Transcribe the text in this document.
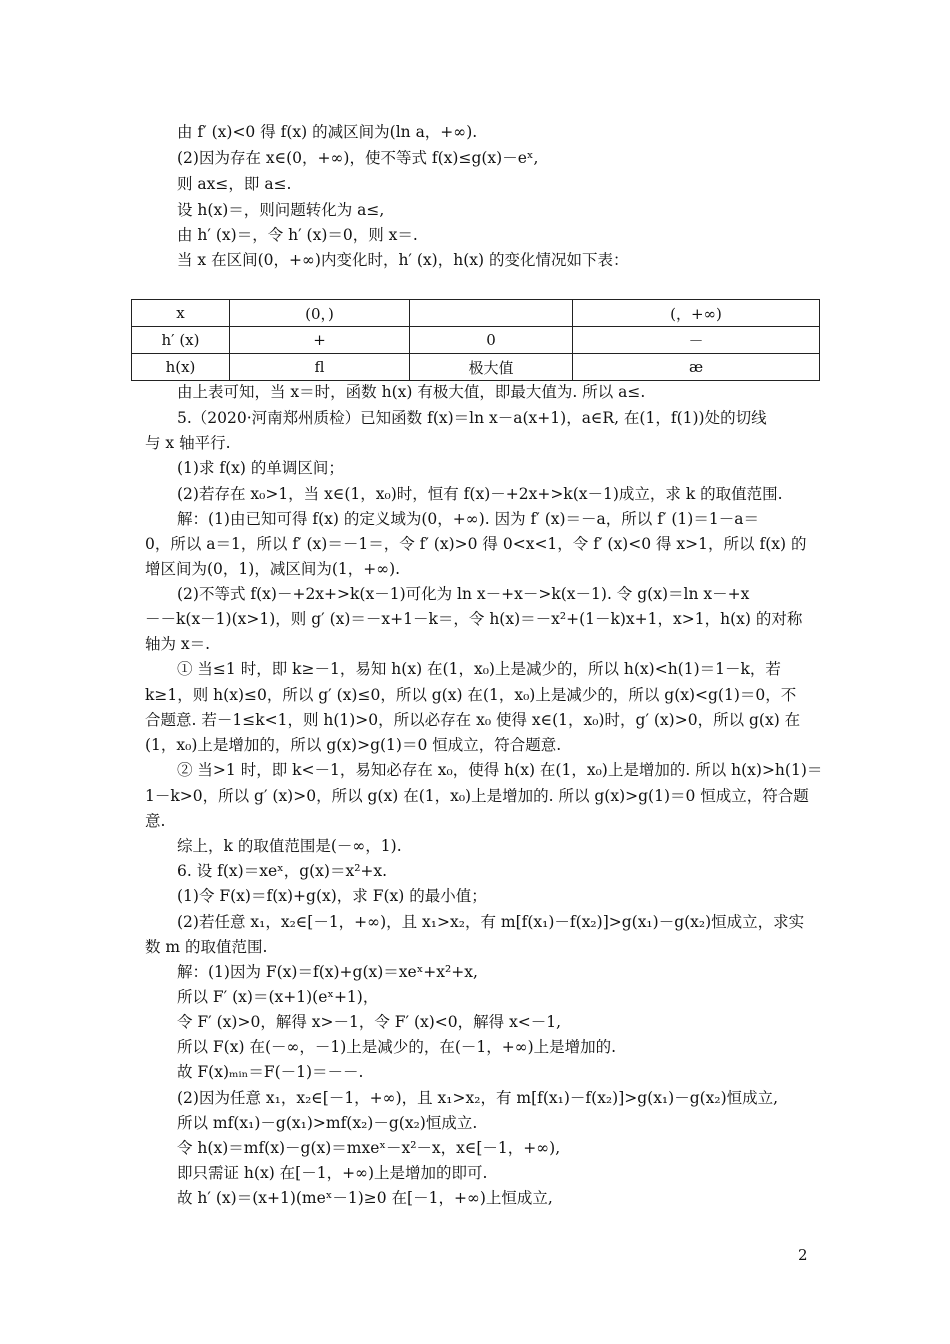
由 f′ (x)<0 得 f(x) 的减区间为(ln a，+∞).
(2)因为存在 x∈(0，+∞)，使不等式 f(x)≤g(x)－eˣ,
则 ax≤，即 a≤.
设 h(x)＝，则问题转化为 a≤,
由 h′ (x)＝，令 h′ (x)＝0，则 x＝.
当 x 在区间(0，+∞)内变化时，h′ (x)，h(x) 的变化情况如下表：
x	(0，)		(，+∞)
h′ (x)	+	0	－
h(x)	ﬂ	极大值	æ
由上表可知，当 x＝时，函数 h(x) 有极大值，即最大值为. 所以 a≤.
5.（2020·河南郑州质检）已知函数 f(x)＝ln x－a(x+1)，a∈R, 在(1，f(1))处的切线
与 x 轴平行.
(1)求 f(x) 的单调区间；
(2)若存在 x₀>1，当 x∈(1，x₀)时，恒有 f(x)－+2x+>k(x－1)成立，求 k 的取值范围.
解：(1)由已知可得 f(x) 的定义域为(0，+∞). 因为 f′ (x)＝－a，所以 f′ (1)＝1－a＝
0，所以 a＝1，所以 f′ (x)＝－1＝，令 f′ (x)>0 得 0<x<1，令 f′ (x)<0 得 x>1，所以 f(x) 的
增区间为(0，1)，减区间为(1，+∞).
(2)不等式 f(x)－+2x+>k(x－1)可化为 ln x－+x－>k(x－1). 令 g(x)＝ln x－+x
－－k(x－1)(x>1)，则 g′ (x)＝－x+1－k＝，令 h(x)＝－x²+(1－k)x+1，x>1，h(x) 的对称
轴为 x＝.
① 当≤1 时，即 k≥－1，易知 h(x) 在(1，x₀)上是减少的，所以 h(x)<h(1)＝1－k，若
k≥1，则 h(x)≤0，所以 g′ (x)≤0，所以 g(x) 在(1，x₀)上是减少的，所以 g(x)<g(1)＝0，不
合题意. 若－1≤k<1，则 h(1)>0，所以必存在 x₀ 使得 x∈(1，x₀)时，g′ (x)>0，所以 g(x) 在
(1，x₀)上是增加的，所以 g(x)>g(1)＝0 恒成立，符合题意.
② 当>1 时，即 k<－1，易知必存在 x₀，使得 h(x) 在(1，x₀)上是增加的. 所以 h(x)>h(1)＝
1－k>0，所以 g′ (x)>0，所以 g(x) 在(1，x₀)上是增加的. 所以 g(x)>g(1)＝0 恒成立，符合题
意.
综上，k 的取值范围是(－∞，1).
6. 设 f(x)＝xeˣ，g(x)＝x²+x.
(1)令 F(x)＝f(x)+g(x)，求 F(x) 的最小值；
(2)若任意 x₁，x₂∈[－1，+∞)，且 x₁>x₂，有 m[f(x₁)－f(x₂)]>g(x₁)－g(x₂)恒成立，求实
数 m 的取值范围.
解：(1)因为 F(x)＝f(x)+g(x)＝xeˣ+x²+x,
所以 F′ (x)＝(x+1)(eˣ+1)，
令 F′ (x)>0，解得 x>－1，令 F′ (x)<0，解得 x<－1,
所以 F(x) 在(－∞，－1)上是减少的，在(－1，+∞)上是增加的.
故 F(x)ₘᵢₙ＝F(－1)＝－－.
(2)因为任意 x₁，x₂∈[－1，+∞)，且 x₁>x₂，有 m[f(x₁)－f(x₂)]>g(x₁)－g(x₂)恒成立,
所以 mf(x₁)－g(x₁)>mf(x₂)－g(x₂)恒成立.
令 h(x)＝mf(x)－g(x)＝mxeˣ－x²－x，x∈[－1，+∞),
即只需证 h(x) 在[－1，+∞)上是增加的即可.
故 h′ (x)＝(x+1)(meˣ－1)≥0 在[－1，+∞)上恒成立,
2
